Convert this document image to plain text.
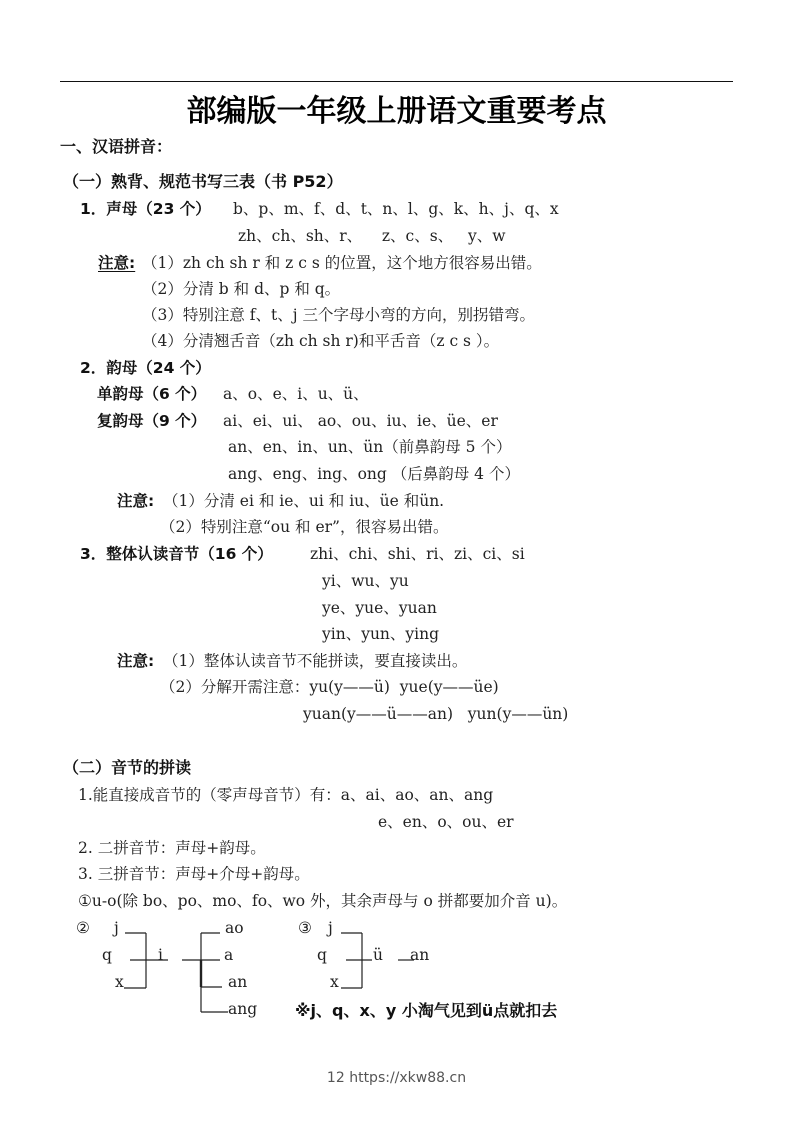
部编版一年级上册语文重要考点
一、汉语拼音：
（一）熟背、规范书写三表（书 P52）
1．声母（23 个） b、p、m、f、d、t、n、l、g、k、h、j、q、x
zh、ch、sh、r、    z、c、s、   y、w
注意: （1）zh ch sh r 和 z c s 的位置，这个地方很容易出错。
（2）分清 b 和 d、p 和 q。
（3）特别注意 f、t、j 三个字母小弯的方向，别拐错弯。
（4）分清翘舌音（zh ch sh r)和平舌音（z c s ）。
2．韵母（24 个）
单韵母（6 个） a、o、e、i、u、ü、
复韵母（9 个） ai、ei、ui、 ao、ou、iu、ie、üe、er
an、en、in、un、ün（前鼻韵母 5 个）
ang、eng、ing、ong （后鼻韵母 4 个）
注意: （1）分清 ei 和 ie、ui 和 iu、üe 和ün.
（2）特别注意“ou 和 er”，很容易出错。
3．整体认读音节（16 个） zhi、chi、shi、ri、zi、ci、si
yi、wu、yu
ye、yue、yuan
yin、yun、ying
注意: （1）整体认读音节不能拼读，要直接读出。
（2）分解开需注意：yu(y——ü)  yue(y——üe)
yuan(y——ü——an)   yun(y——ün)
（二）音节的拼读
1.能直接成音节的（零声母音节）有：a、ai、ao、an、ang
e、en、o、ou、er
2. 二拼音节：声母+韵母。
3. 三拼音节：声母+介母+韵母。
①u-o(除 bo、po、mo、fo、wo 外，其余声母与 o 拼都要加介音 u)。
② j
q
x
i
ao
a
an
ang
③ j
q
x
ü an
※j、q、x、y 小淘气见到ü点就扣去
12 https://xkw88.cn
